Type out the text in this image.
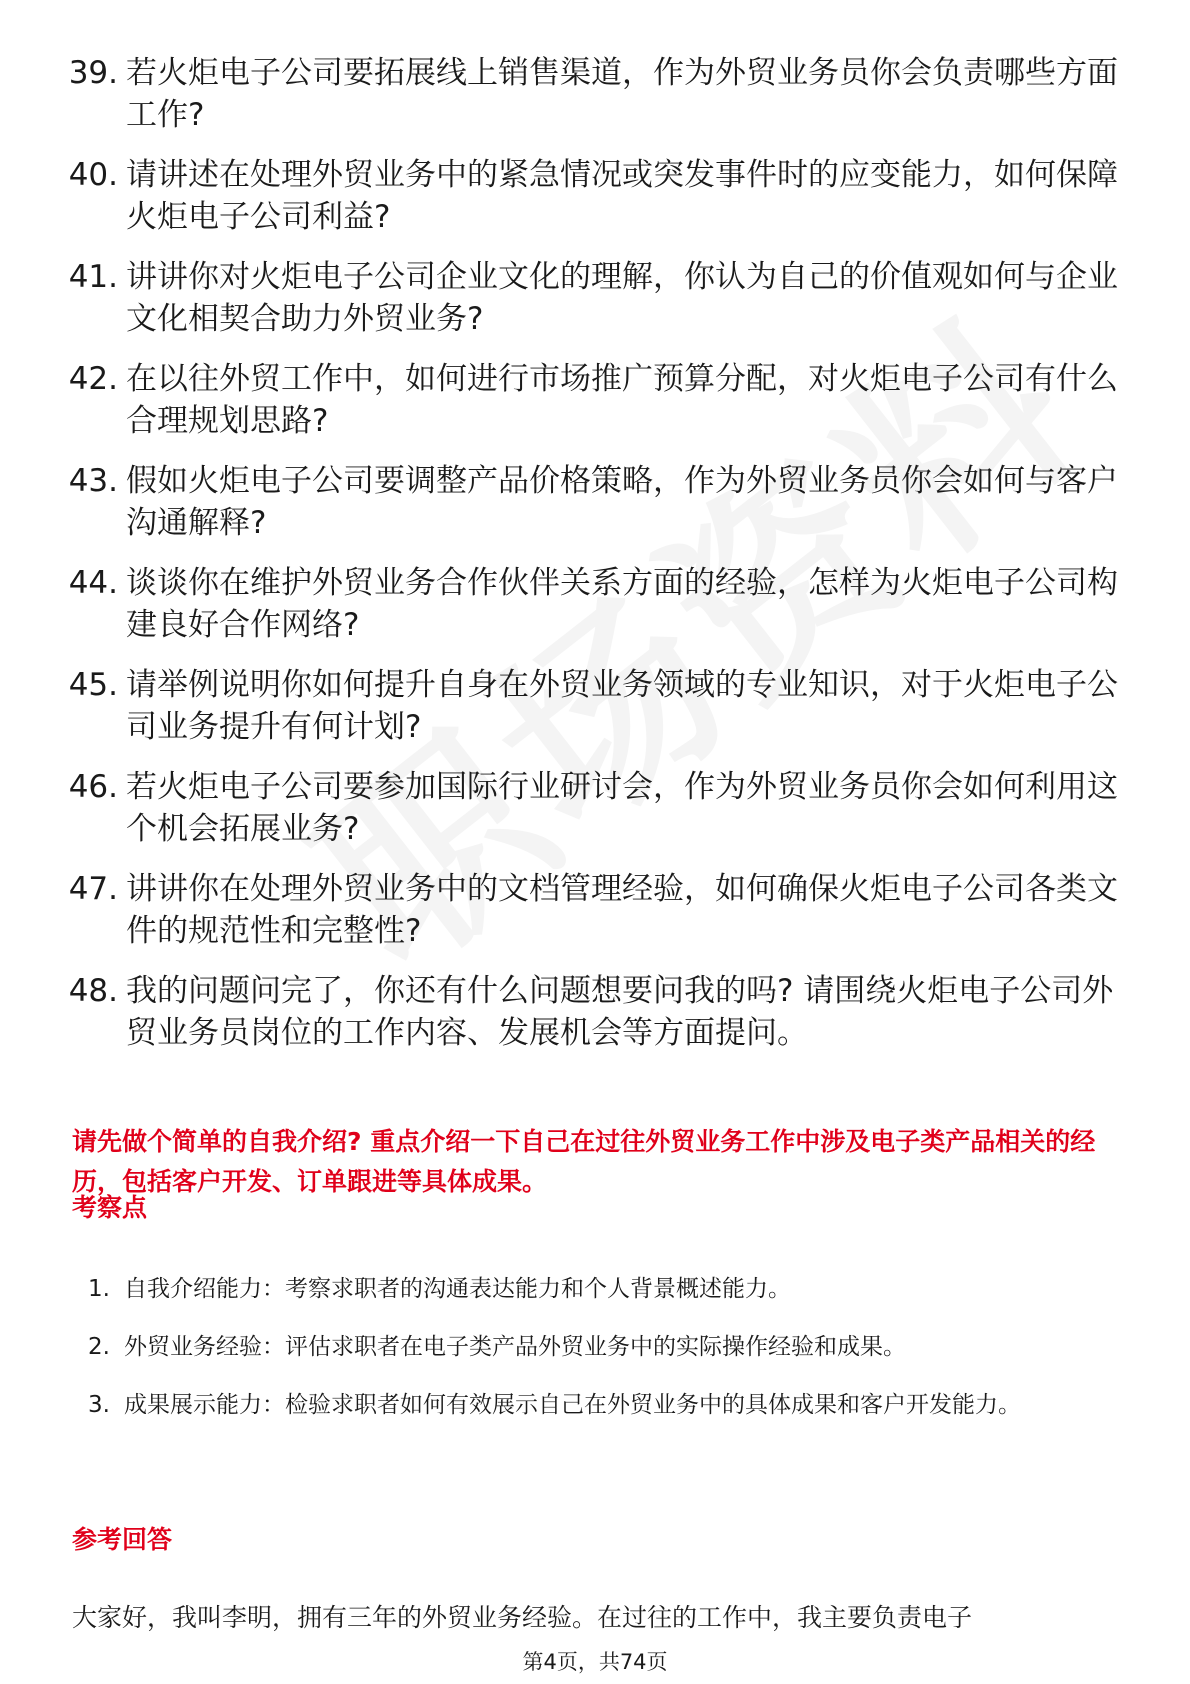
39. 若火炬电子公司要拓展线上销售渠道，作为外贸业务员你会负责哪些方面工作?
40. 请讲述在处理外贸业务中的紧急情况或突发事件时的应变能力，如何保障火炬电子公司利益?
41. 讲讲你对火炬电子公司企业文化的理解，你认为自己的价值观如何与企业文化相契合助力外贸业务?
42. 在以往外贸工作中，如何进行市场推广预算分配，对火炬电子公司有什么合理规划思路?
43. 假如火炬电子公司要调整产品价格策略，作为外贸业务员你会如何与客户沟通解释?
44. 谈谈你在维护外贸业务合作伙伴关系方面的经验，怎样为火炬电子公司构建良好合作网络?
45. 请举例说明你如何提升自身在外贸业务领域的专业知识，对于火炬电子公司业务提升有何计划?
46. 若火炬电子公司要参加国际行业研讨会，作为外贸业务员你会如何利用这个机会拓展业务?
47. 讲讲你在处理外贸业务中的文档管理经验，如何确保火炬电子公司各类文件的规范性和完整性?
48. 我的问题问完了，你还有什么问题想要问我的吗? 请围绕火炬电子公司外贸业务员岗位的工作内容、发展机会等方面提问。
请先做个简单的自我介绍? 重点介绍一下自己在过往外贸业务工作中涉及电子类产品相关的经历，包括客户开发、订单跟进等具体成果。
考察点
1. 自我介绍能力：考察求职者的沟通表达能力和个人背景概述能力。
2. 外贸业务经验：评估求职者在电子类产品外贸业务中的实际操作经验和成果。
3. 成果展示能力：检验求职者如何有效展示自己在外贸业务中的具体成果和客户开发能力。
参考回答
大家好，我叫李明，拥有三年的外贸业务经验。在过往的工作中，我主要负责电子
第4页，共74页
